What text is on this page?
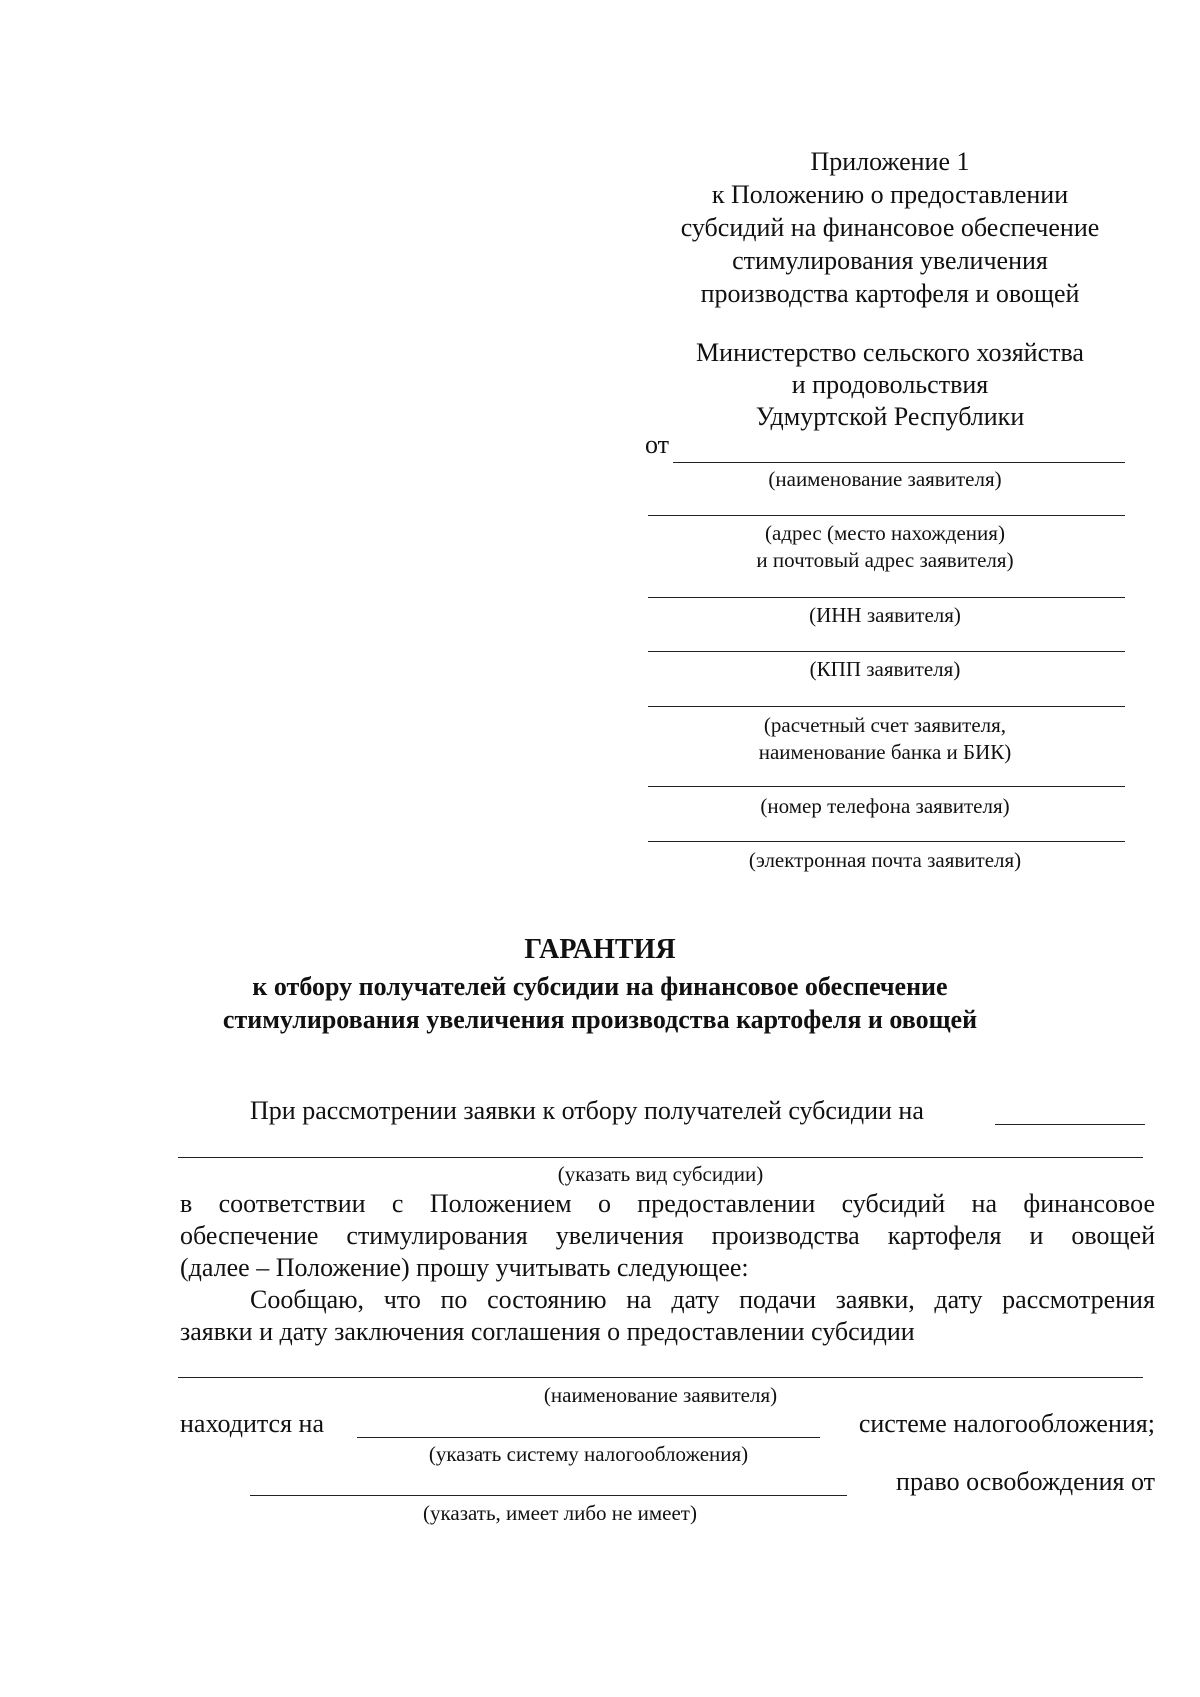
Приложение 1
к Положению о предоставлении
субсидий на финансовое обеспечение
стимулирования увеличения
производства картофеля и овощей
Министерство сельского хозяйства
и продовольствия
Удмуртской Республики
от
(наименование заявителя)
(адрес (место нахождения)
и почтовый адрес заявителя)
(ИНН заявителя)
(КПП заявителя)
(расчетный счет заявителя,
наименование банка и БИК)
(номер телефона заявителя)
(электронная почта заявителя)
ГАРАНТИЯ
к отбору получателей субсидии на финансовое обеспечение
стимулирования увеличения производства картофеля и овощей
При рассмотрении заявки к отбору получателей субсидии на
(указать вид субсидии)
в соответствии с Положением о предоставлении субсидий на финансовое
обеспечение стимулирования увеличения производства картофеля и овощей
(далее – Положение) прошу учитывать следующее:
Сообщаю, что по состоянию на дату подачи заявки, дату рассмотрения
заявки и дату заключения соглашения о предоставлении субсидии
(наименование заявителя)
находится на	системе налогообложения;
(указать систему налогообложения)
право освобождения от
(указать, имеет либо не имеет)
